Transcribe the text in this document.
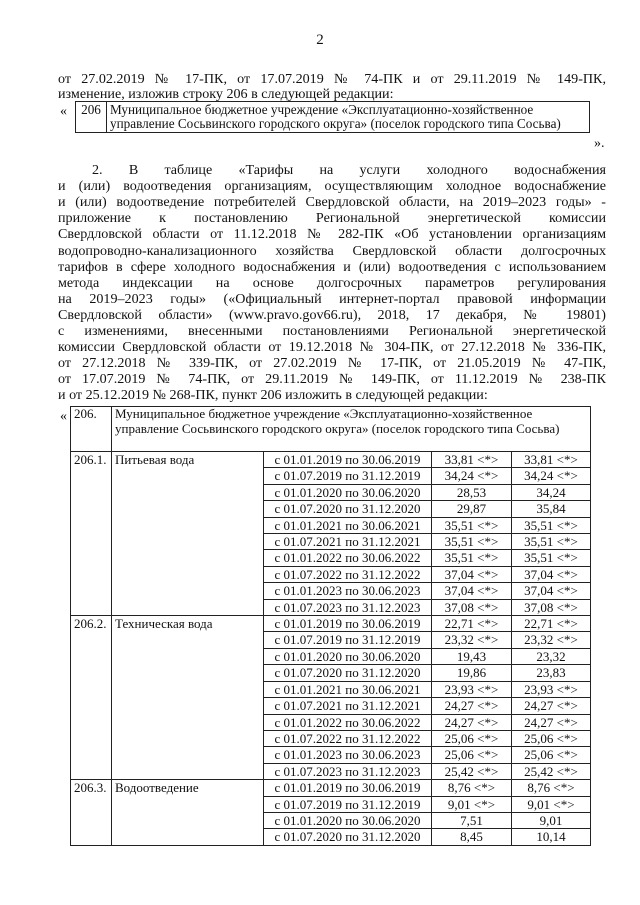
2
от 27.02.2019 № 17-ПК, от 17.07.2019 № 74-ПК и от 29.11.2019 № 149-ПК,
изменение, изложив строку 206 в следующей редакции:
« 206	Муниципальное бюджетное учреждение «Эксплуатационно-хозяйственное управление Сосьвинского городского округа» (поселок городского типа Сосьва)
».
2. В таблице «Тарифы на услуги холодного водоснабжения
и (или) водоотведения организациям, осуществляющим холодное водоснабжение
и (или) водоотведение потребителей Свердловской области, на 2019–2023 годы» -
приложение к постановлению Региональной энергетической комиссии
Свердловской области от 11.12.2018 № 282-ПК «Об установлении организациям
водопроводно-канализационного хозяйства Свердловской области долгосрочных
тарифов в сфере холодного водоснабжения и (или) водоотведения с использованием
метода индексации на основе долгосрочных параметров регулирования
на 2019–2023 годы» («Официальный интернет-портал правовой информации
Свердловской области» (www.pravo.gov66.ru), 2018, 17 декабря, № 19801)
с изменениями, внесенными постановлениями Региональной энергетической
комиссии Свердловской области от 19.12.2018 № 304-ПК, от 27.12.2018 № 336-ПК,
от 27.12.2018 № 339-ПК, от 27.02.2019 № 17-ПК, от 21.05.2019 № 47-ПК,
от 17.07.2019 № 74-ПК, от 29.11.2019 № 149-ПК, от 11.12.2019 № 238-ПК
и от 25.12.2019 № 268-ПК, пункт 206 изложить в следующей редакции:
« 206.	Муниципальное бюджетное учреждение «Эксплуатационно-хозяйственное управление Сосьвинского городского округа» (поселок городского типа Сосьва)			
206.1.	Питьевая вода	с 01.01.2019 по 30.06.2019	33,81 <*>	33,81 <*>
		с 01.07.2019 по 31.12.2019	34,24 <*>	34,24 <*>
		с 01.01.2020 по 30.06.2020	28,53	34,24
		с 01.07.2020 по 31.12.2020	29,87	35,84
		с 01.01.2021 по 30.06.2021	35,51 <*>	35,51 <*>
		с 01.07.2021 по 31.12.2021	35,51 <*>	35,51 <*>
		с 01.01.2022 по 30.06.2022	35,51 <*>	35,51 <*>
		с 01.07.2022 по 31.12.2022	37,04 <*>	37,04 <*>
		с 01.01.2023 по 30.06.2023	37,04 <*>	37,04 <*>
		с 01.07.2023 по 31.12.2023	37,08 <*>	37,08 <*>
206.2.	Техническая вода	с 01.01.2019 по 30.06.2019	22,71 <*>	22,71 <*>
		с 01.07.2019 по 31.12.2019	23,32 <*>	23,32 <*>
		с 01.01.2020 по 30.06.2020	19,43	23,32
		с 01.07.2020 по 31.12.2020	19,86	23,83
		с 01.01.2021 по 30.06.2021	23,93 <*>	23,93 <*>
		с 01.07.2021 по 31.12.2021	24,27 <*>	24,27 <*>
		с 01.01.2022 по 30.06.2022	24,27 <*>	24,27 <*>
		с 01.07.2022 по 31.12.2022	25,06 <*>	25,06 <*>
		с 01.01.2023 по 30.06.2023	25,06 <*>	25,06 <*>
		с 01.07.2023 по 31.12.2023	25,42 <*>	25,42 <*>
206.3.	Водоотведение	с 01.01.2019 по 30.06.2019	8,76 <*>	8,76 <*>
		с 01.07.2019 по 31.12.2019	9,01 <*>	9,01 <*>
		с 01.01.2020 по 30.06.2020	7,51	9,01
		с 01.07.2020 по 31.12.2020	8,45	10,14
